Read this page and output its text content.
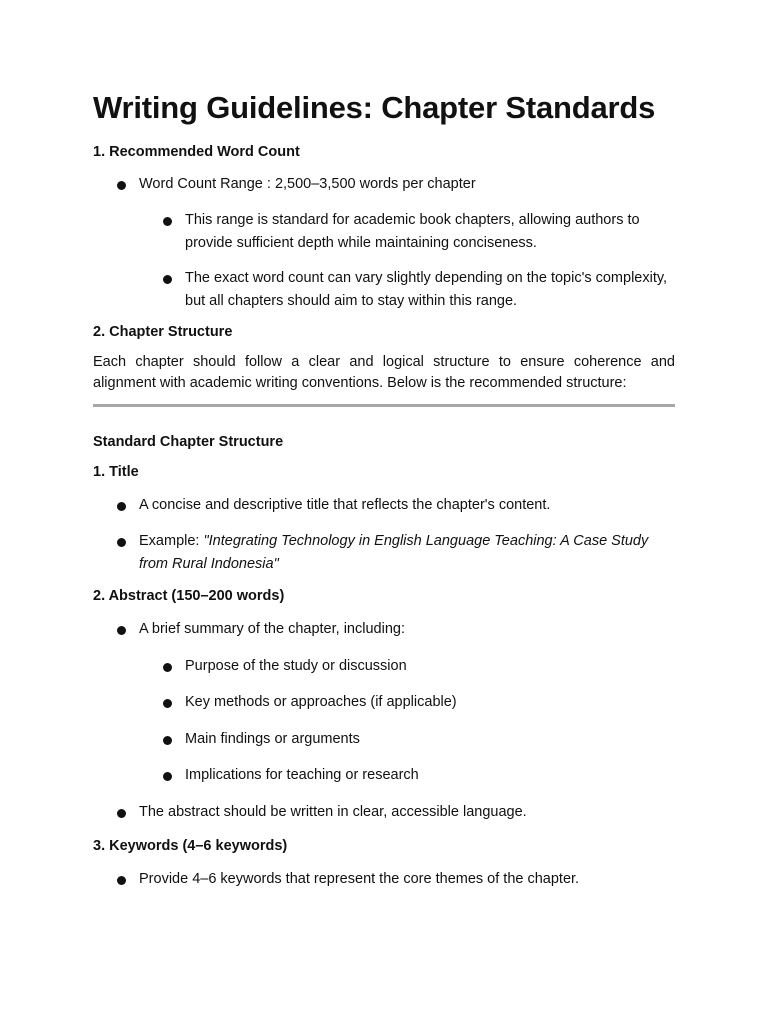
Writing Guidelines: Chapter Standards
1. Recommended Word Count
Word Count Range : 2,500–3,500 words per chapter
This range is standard for academic book chapters, allowing authors to provide sufficient depth while maintaining conciseness.
The exact word count can vary slightly depending on the topic's complexity, but all chapters should aim to stay within this range.
2. Chapter Structure

Each chapter should follow a clear and logical structure to ensure coherence and alignment with academic writing conventions. Below is the recommended structure:

Standard Chapter Structure
1. Title
A concise and descriptive title that reflects the chapter's content.
Example: "Integrating Technology in English Language Teaching: A Case Study from Rural Indonesia"
2. Abstract (150–200 words)
A brief summary of the chapter, including:
Purpose of the study or discussion
Key methods or approaches (if applicable)
Main findings or arguments
Implications for teaching or research
The abstract should be written in clear, accessible language.
3. Keywords (4–6 keywords)
Provide 4–6 keywords that represent the core themes of the chapter.
